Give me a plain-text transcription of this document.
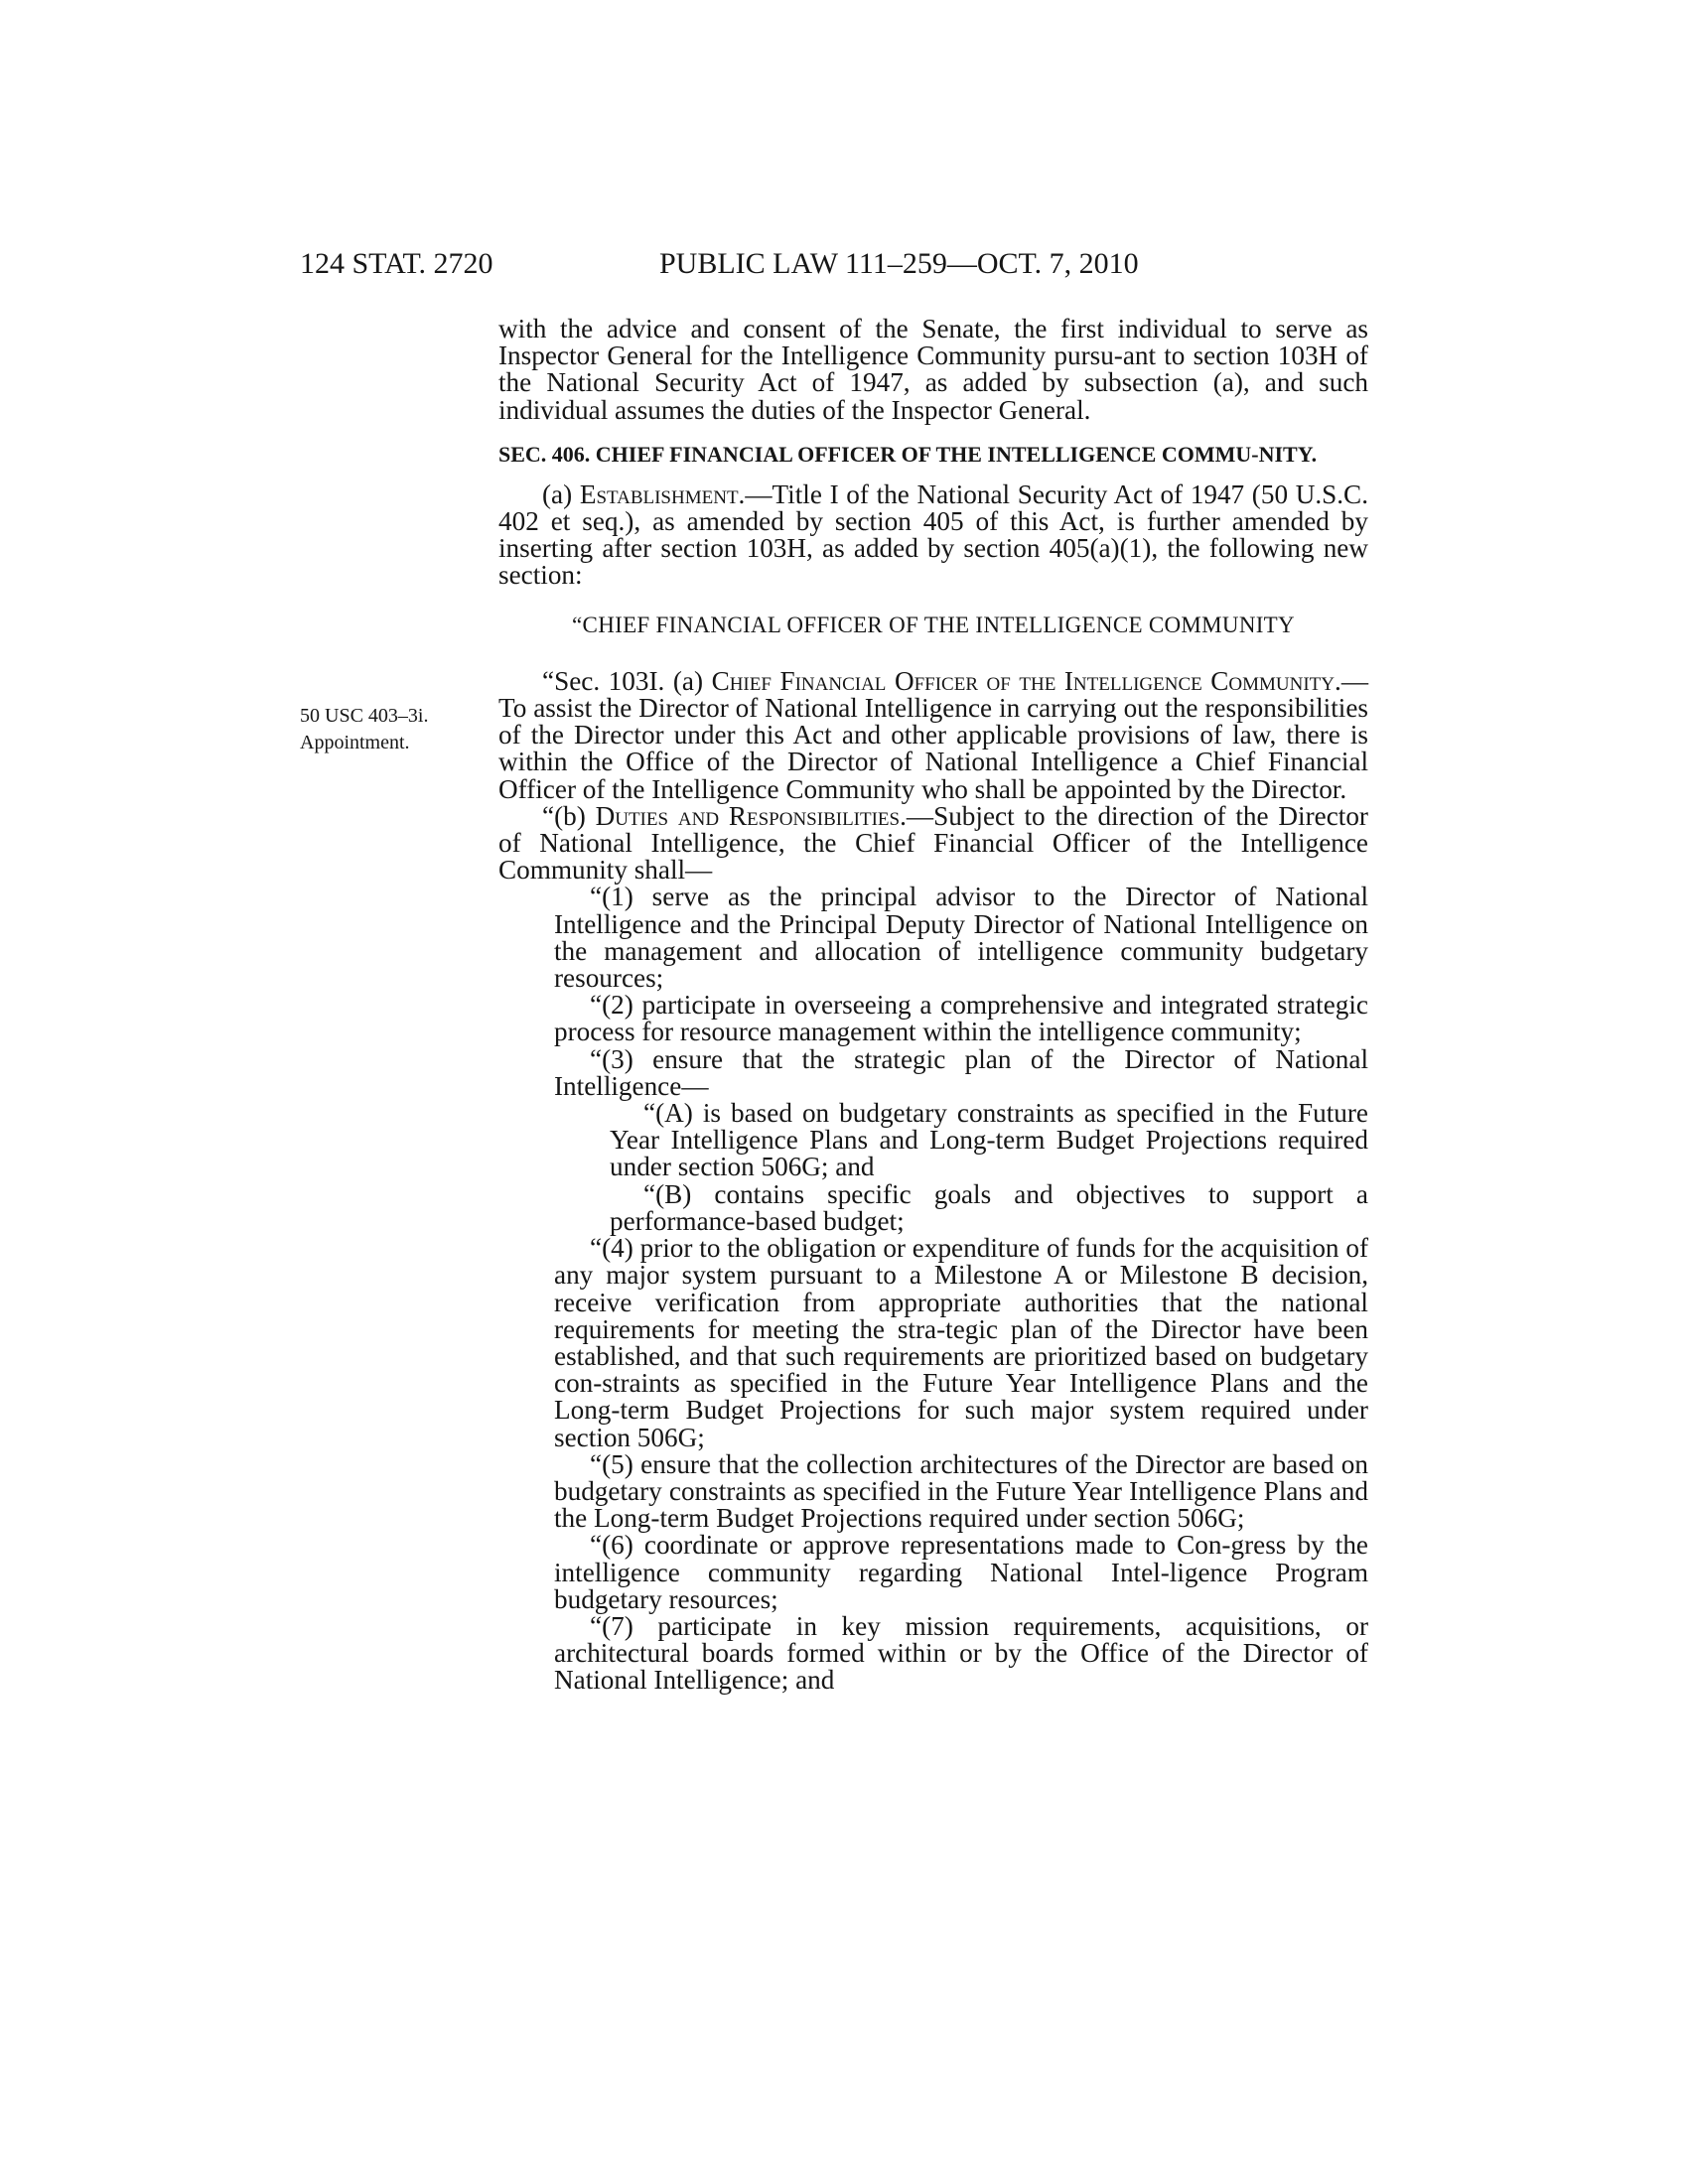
124 STAT. 2720	PUBLIC LAW 111–259—OCT. 7, 2010
50 USC 403–3i.
Appointment.

with the advice and consent of the Senate, the first individual to serve as Inspector General for the Intelligence Community pursu-ant to section 103H of the National Security Act of 1947, as added by subsection (a), and such individual assumes the duties of the Inspector General.

SEC. 406. CHIEF FINANCIAL OFFICER OF THE INTELLIGENCE COMMU-NITY.

(a) Establishment.—Title I of the National Security Act of 1947 (50 U.S.C. 402 et seq.), as amended by section 405 of this Act, is further amended by inserting after section 103H, as added by section 405(a)(1), the following new section:

“CHIEF FINANCIAL OFFICER OF THE INTELLIGENCE COMMUNITY

“Sec. 103I. (a) Chief Financial Officer of the Intelligence Community.—To assist the Director of National Intelligence in carrying out the responsibilities of the Director under this Act and other applicable provisions of law, there is within the Office of the Director of National Intelligence a Chief Financial Officer of the Intelligence Community who shall be appointed by the Director.

“(b) Duties and Responsibilities.—Subject to the direction of the Director of National Intelligence, the Chief Financial Officer of the Intelligence Community shall—

“(1) serve as the principal advisor to the Director of National Intelligence and the Principal Deputy Director of National Intelligence on the management and allocation of intelligence community budgetary resources;

“(2) participate in overseeing a comprehensive and integrated strategic process for resource management within the intelligence community;

“(3) ensure that the strategic plan of the Director of National Intelligence—

“(A) is based on budgetary constraints as specified in the Future Year Intelligence Plans and Long-term Budget Projections required under section 506G; and

“(B) contains specific goals and objectives to support a performance-based budget;

“(4) prior to the obligation or expenditure of funds for the acquisition of any major system pursuant to a Milestone A or Milestone B decision, receive verification from appropriate authorities that the national requirements for meeting the stra-tegic plan of the Director have been established, and that such requirements are prioritized based on budgetary con-straints as specified in the Future Year Intelligence Plans and the Long-term Budget Projections for such major system required under section 506G;

“(5) ensure that the collection architectures of the Director are based on budgetary constraints as specified in the Future Year Intelligence Plans and the Long-term Budget Projections required under section 506G;

“(6) coordinate or approve representations made to Con-gress by the intelligence community regarding National Intel-ligence Program budgetary resources;

“(7) participate in key mission requirements, acquisitions, or architectural boards formed within or by the Office of the Director of National Intelligence; and
